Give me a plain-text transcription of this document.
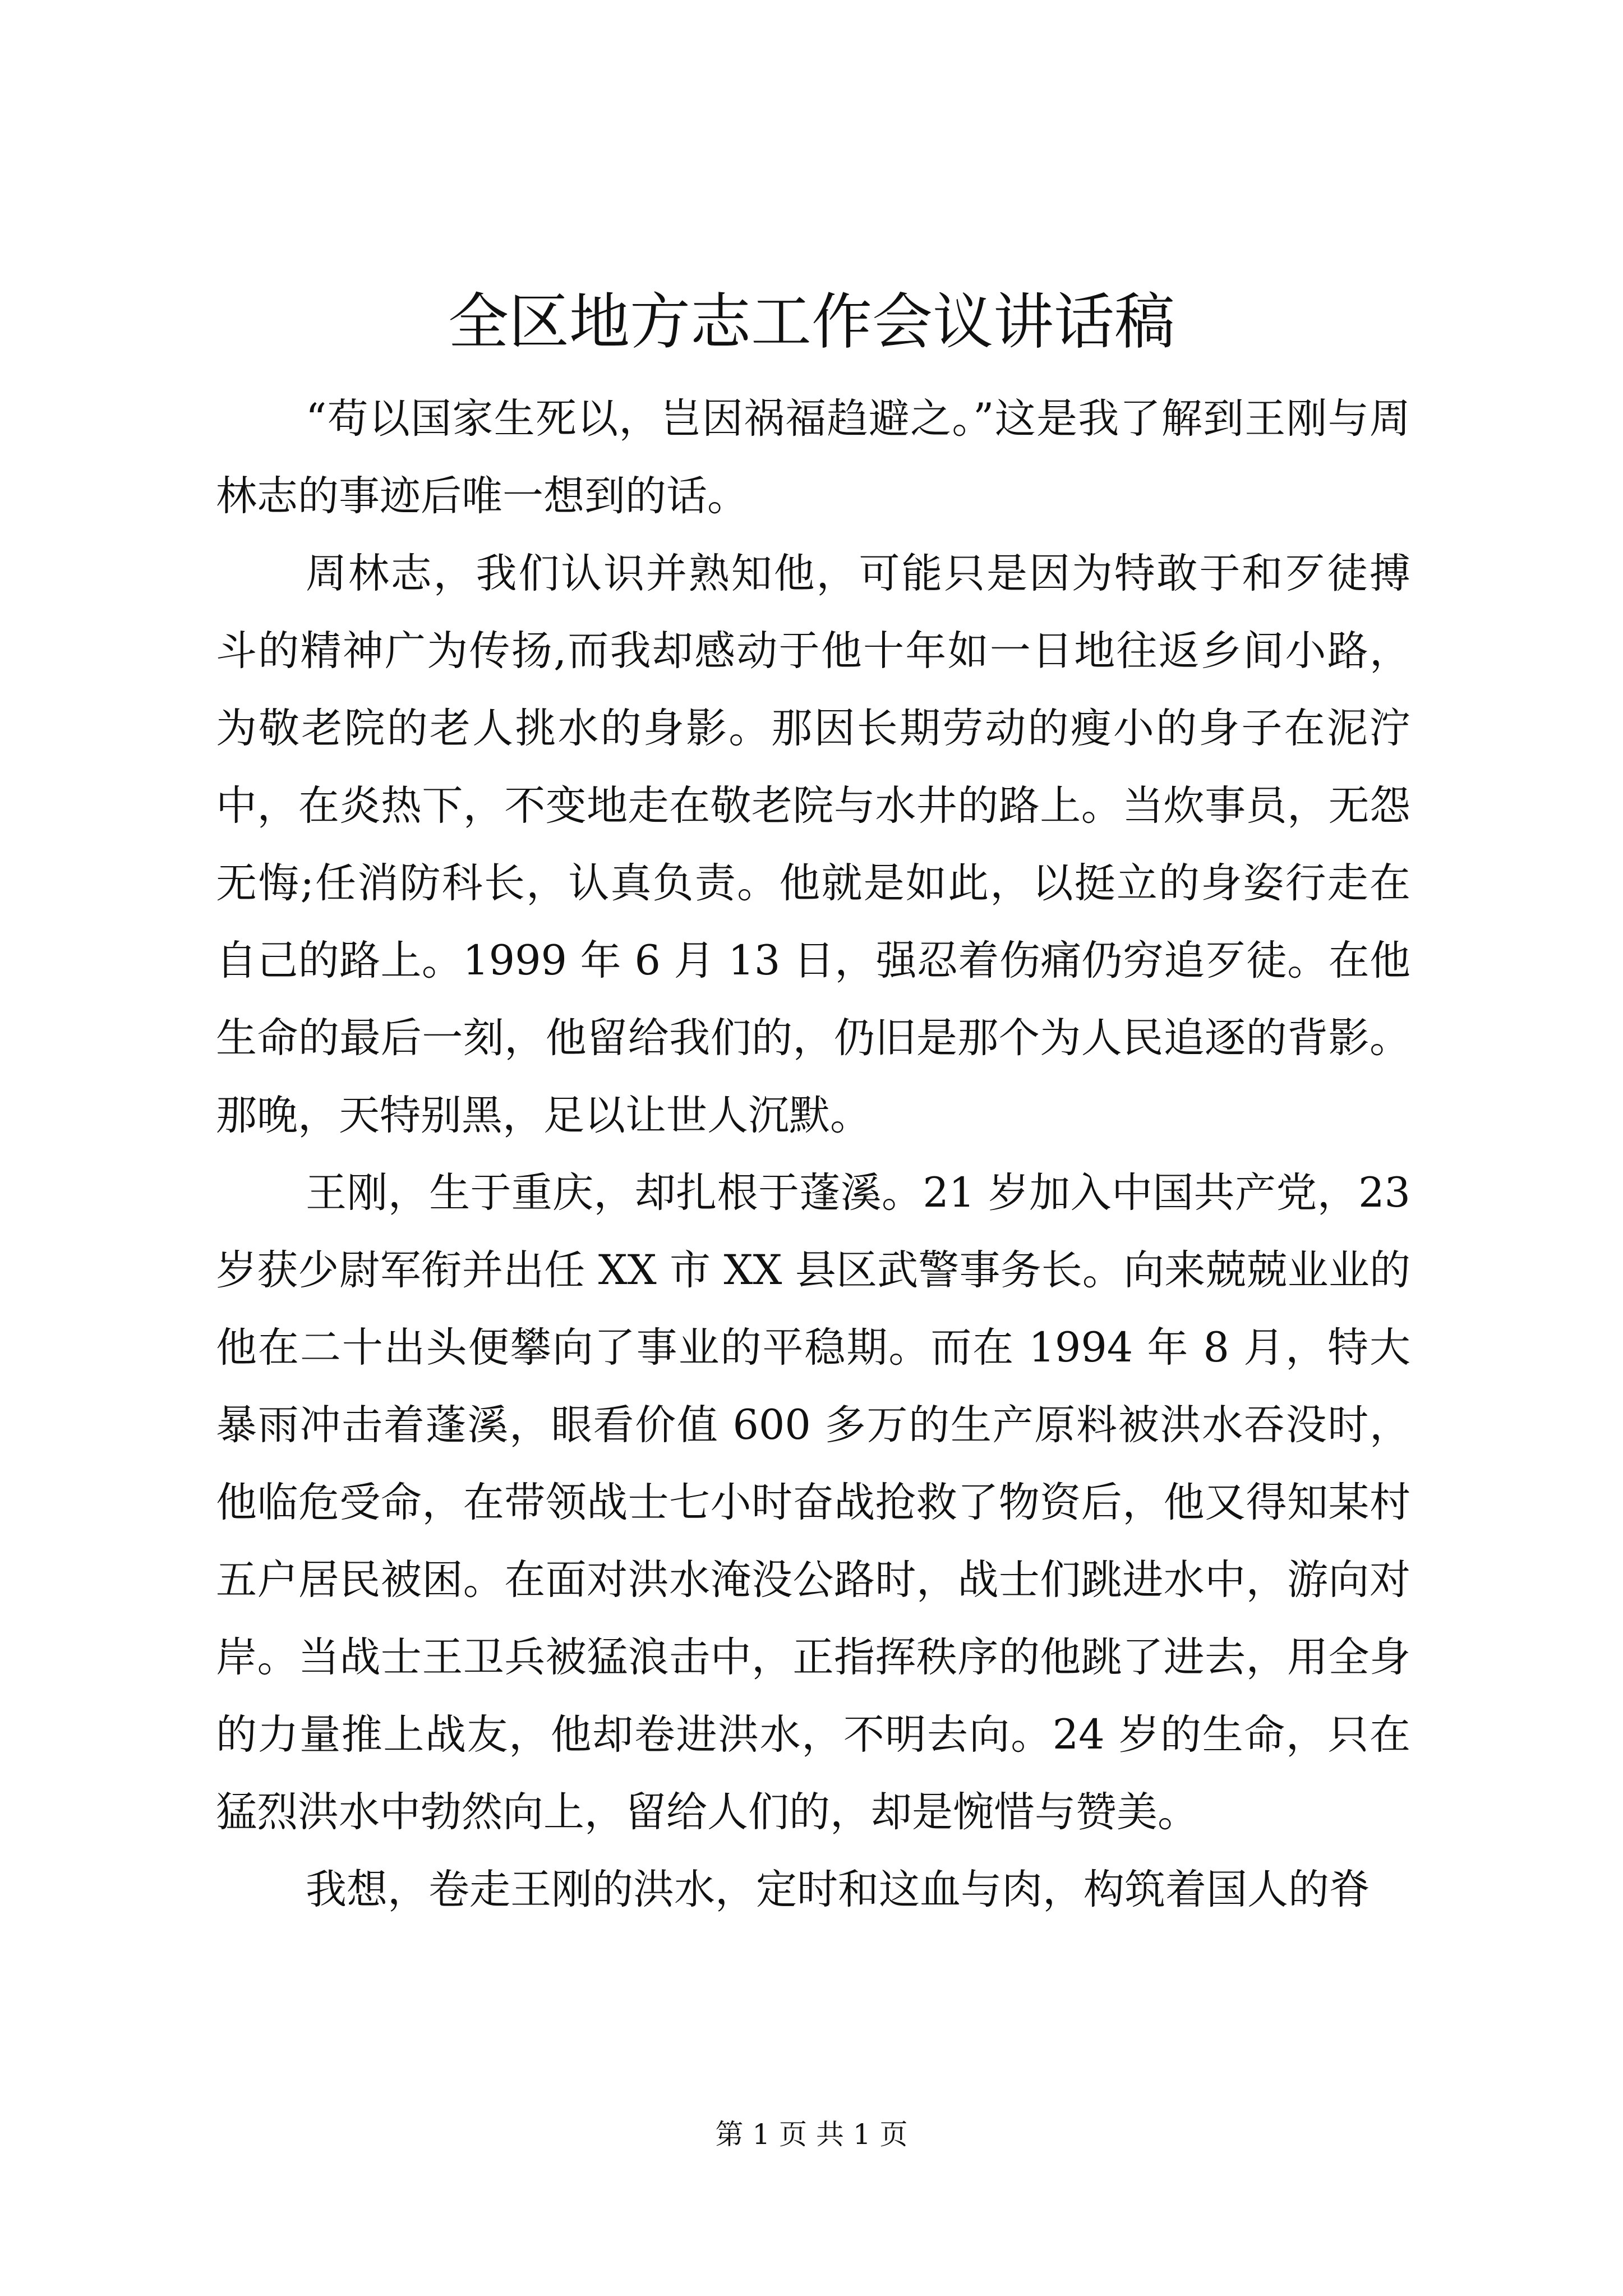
全区地方志工作会议讲话稿

“苟以国家生死以，岂因祸福趋避之。”这是我了解到王刚与周林志的事迹后唯一想到的话。

周林志，我们认识并熟知他，可能只是因为特敢于和歹徒搏斗的精神广为传扬,而我却感动于他十年如一日地往返乡间小路，为敬老院的老人挑水的身影。那因长期劳动的瘦小的身子在泥泞中，在炎热下，不变地走在敬老院与水井的路上。当炊事员，无怨无悔;任消防科长，认真负责。他就是如此，以挺立的身姿行走在自己的路上。1999 年 6 月 13 日，强忍着伤痛仍穷追歹徒。在他生命的最后一刻，他留给我们的，仍旧是那个为人民追逐的背影。那晚，天特别黑，足以让世人沉默。

王刚，生于重庆，却扎根于蓬溪。21 岁加入中国共产党，23 岁获少尉军衔并出任 XX 市 XX 县区武警事务长。向来兢兢业业的他在二十出头便攀向了事业的平稳期。而在 1994 年 8 月，特大暴雨冲击着蓬溪，眼看价值 600 多万的生产原料被洪水吞没时，他临危受命，在带领战士七小时奋战抢救了物资后，他又得知某村五户居民被困。在面对洪水淹没公路时，战士们跳进水中，游向对岸。当战士王卫兵被猛浪击中，正指挥秩序的他跳了进去，用全身的力量推上战友，他却卷进洪水，不明去向。24 岁的生命，只在猛烈洪水中勃然向上，留给人们的，却是惋惜与赞美。

我想，卷走王刚的洪水，定时和这血与肉，构筑着国人的脊

第 1 页 共 1 页
